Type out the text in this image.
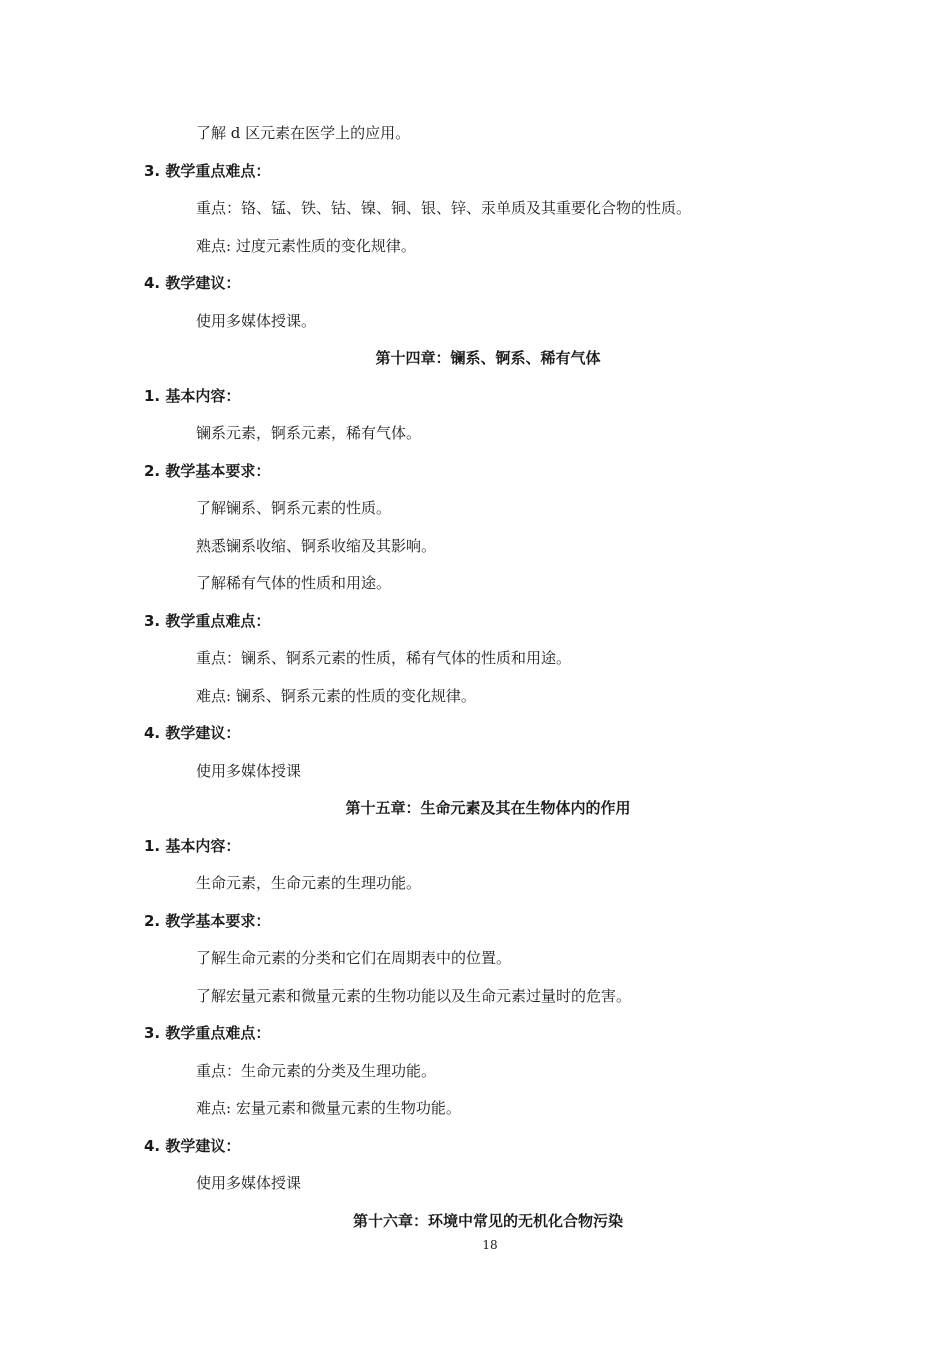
了解 d 区元素在医学上的应用。
3. 教学重点难点：
重点：铬、锰、铁、钴、镍、铜、银、锌、汞单质及其重要化合物的性质。
难点: 过度元素性质的变化规律。
4. 教学建议：
使用多媒体授课。
第十四章：镧系、锕系、稀有气体
1. 基本内容：
镧系元素，锕系元素，稀有气体。
2. 教学基本要求：
了解镧系、锕系元素的性质。
熟悉镧系收缩、锕系收缩及其影响。
了解稀有气体的性质和用途。
3. 教学重点难点：
重点：镧系、锕系元素的性质，稀有气体的性质和用途。
难点: 镧系、锕系元素的性质的变化规律。
4. 教学建议：
使用多媒体授课
第十五章：生命元素及其在生物体内的作用
1. 基本内容：
生命元素，生命元素的生理功能。
2. 教学基本要求：
了解生命元素的分类和它们在周期表中的位置。
了解宏量元素和微量元素的生物功能以及生命元素过量时的危害。
3. 教学重点难点：
重点：生命元素的分类及生理功能。
难点: 宏量元素和微量元素的生物功能。
4. 教学建议：
使用多媒体授课
第十六章：环境中常见的无机化合物污染
18
